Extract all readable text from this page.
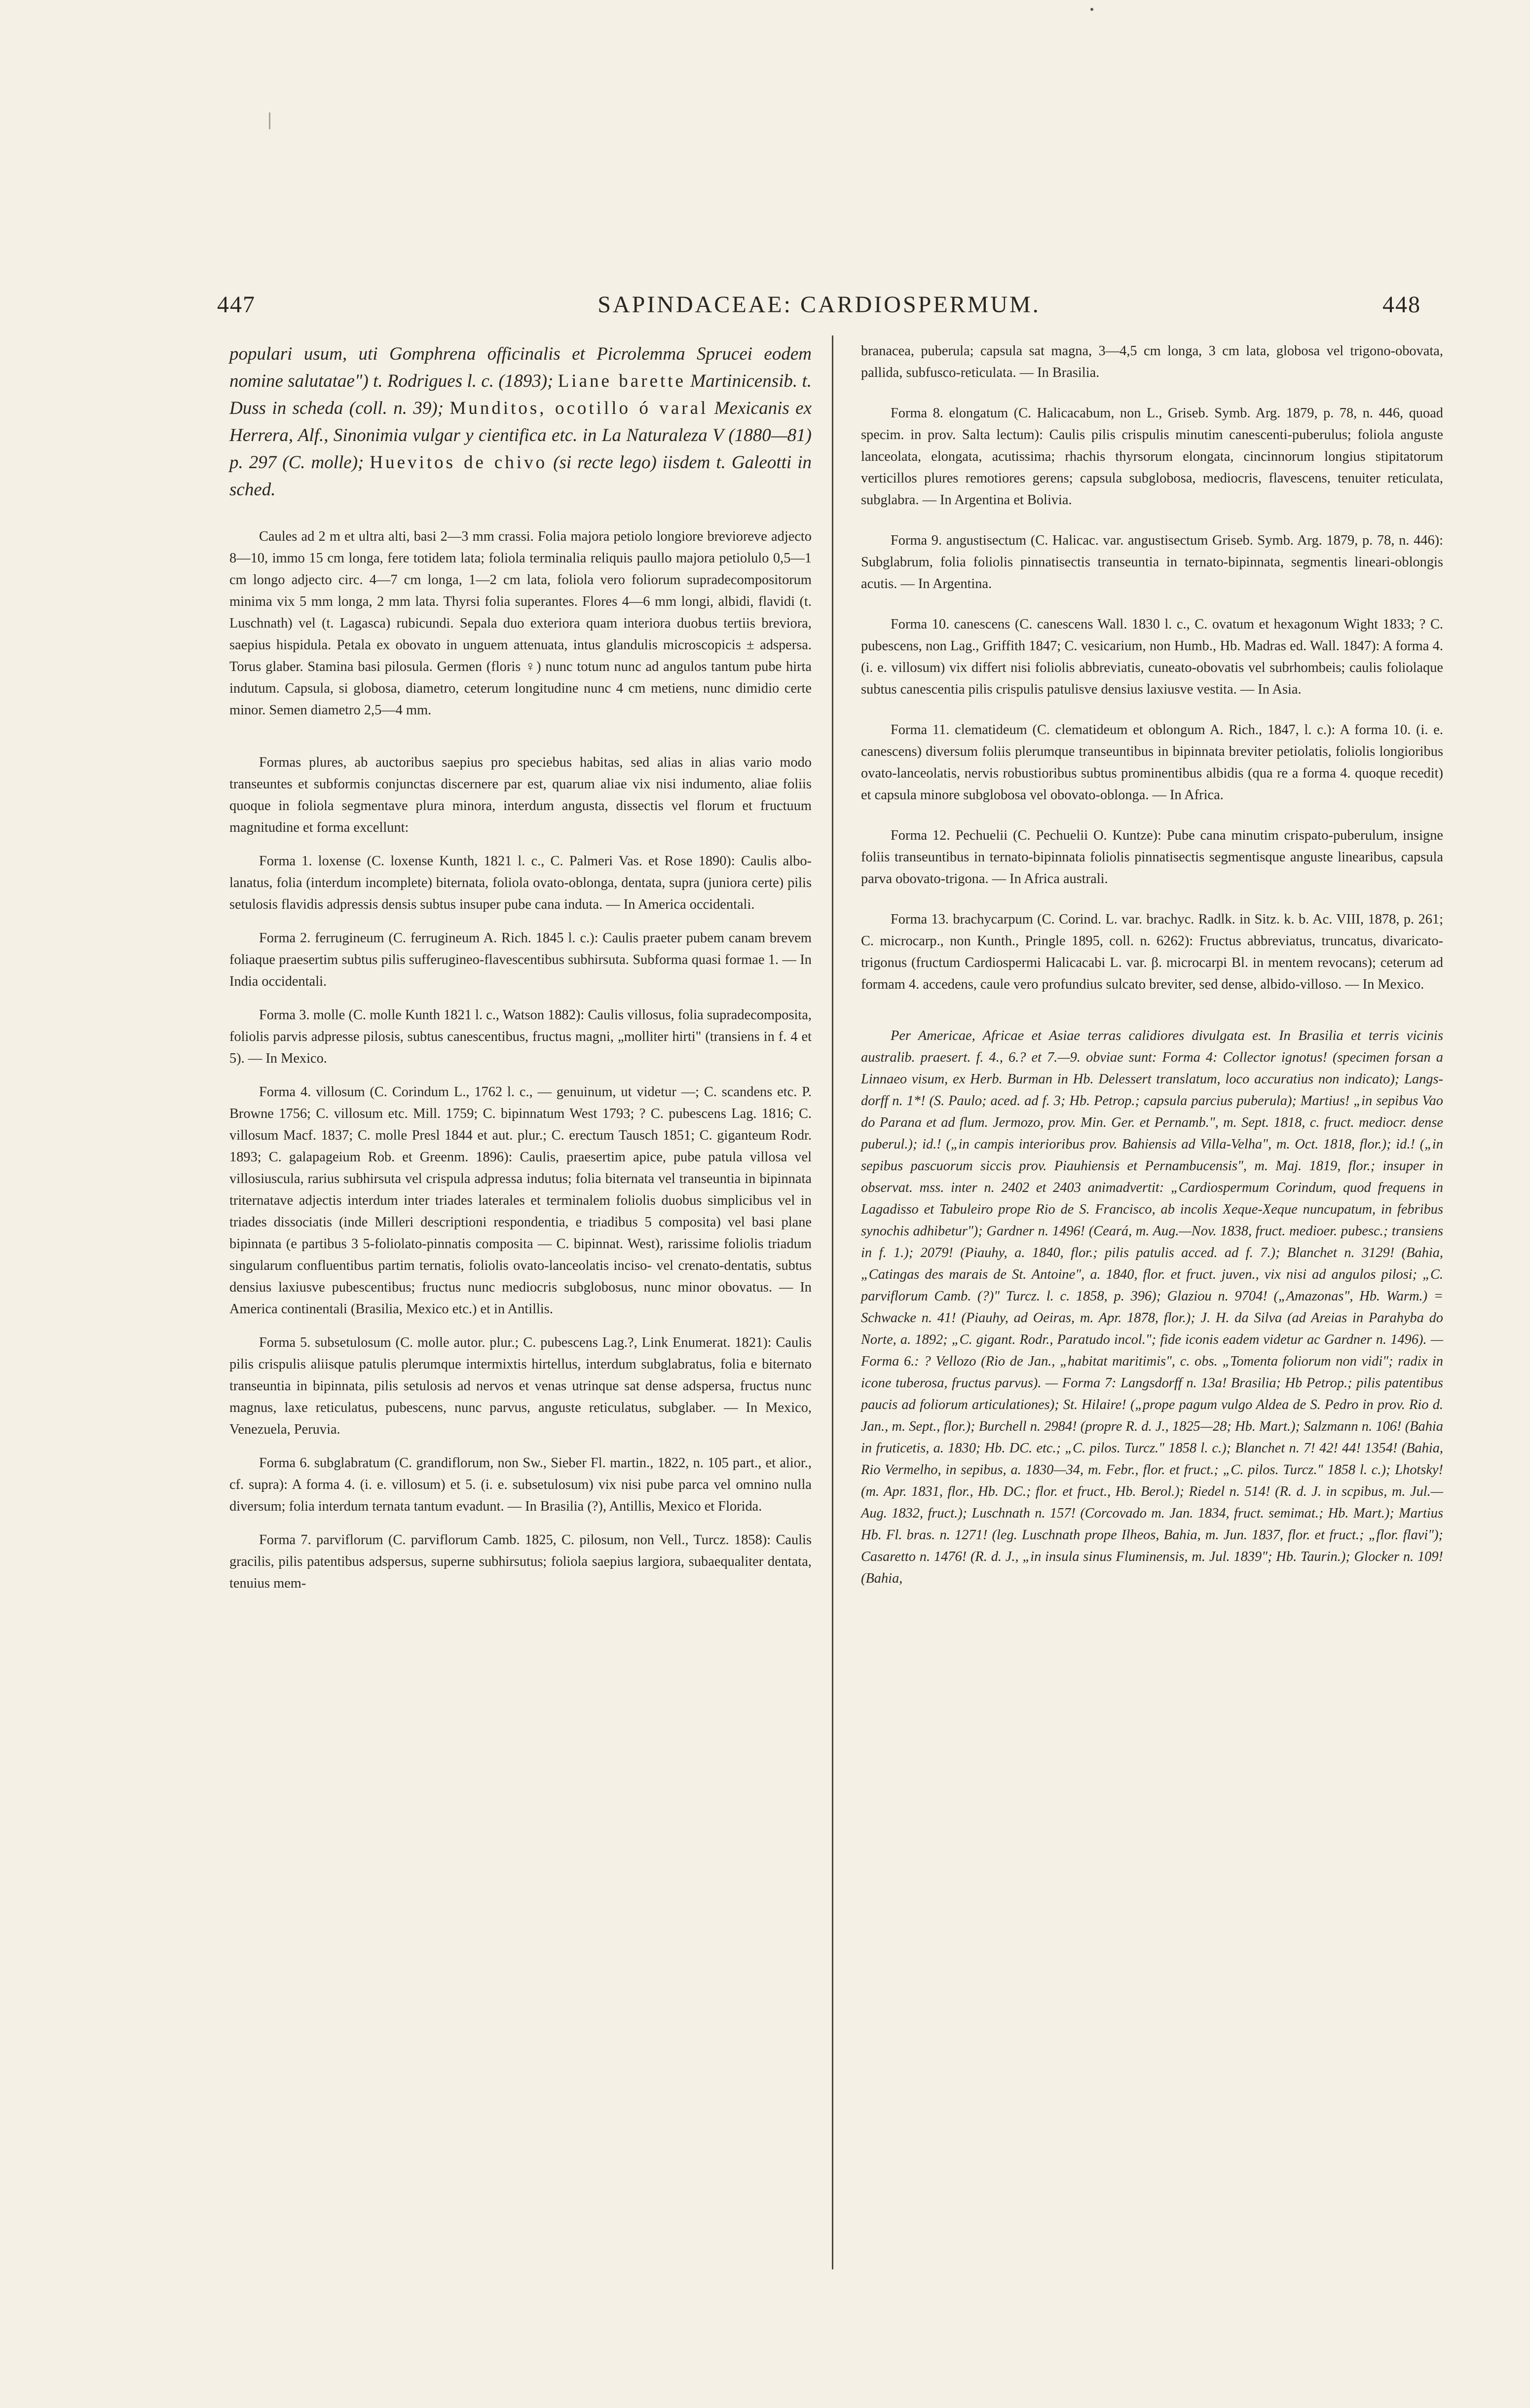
447	SAPINDACEAE: CARDIOSPERMUM.	448

populari usum, uti Gomphrena officinalis et Picrolemma Sprucei eodem nomine salutatae") t. Rodrigues l. c. (1893); Liane barette Martinicensib. t. Duss in scheda (coll. n. 39); Munditos, ocotillo ó varal Mexicanis ex Herrera, Alf., Sinonimia vulgar y cientifica etc. in La Naturaleza V (1880—81) p. 297 (C. molle); Huevitos de chivo (si recte lego) iisdem t. Galeotti in sched.

Caules ad 2 m et ultra alti, basi 2—3 mm crassi. Folia majora petiolo longiore brevioreve adjecto 8—10, immo 15 cm longa, fere totidem lata; foliola terminalia reliquis paullo majora petiolulo 0,5—1 cm longo adjecto circ. 4—7 cm longa, 1—2 cm lata, foliola vero foliorum supradecompositorum minima vix 5 mm longa, 2 mm lata. Thyrsi folia superantes. Flores 4—6 mm longi, albidi, flavidi (t. Luschnath) vel (t. Lagasca) rubicundi. Sepala duo exteriora quam interiora duobus tertiis breviora, saepius hispidula. Petala ex obovato in unguem attenuata, intus glandulis microscopicis ± adspersa. Torus glaber. Stamina basi pilosula. Germen (floris ♀) nunc totum nunc ad angulos tantum pube hirta indutum. Capsula, si globosa, diametro, ceterum longitudine nunc 4 cm metiens, nunc dimidio certe minor. Semen diametro 2,5—4 mm.

Formas plures, ab auctoribus saepius pro speciebus habitas, sed alias in alias vario modo transeuntes et subformis conjunctas discernere par est, quarum aliae vix nisi indumento, aliae foliis quoque in foliola segmentave plura minora, interdum angusta, dissectis vel florum et fructuum magnitudine et forma excellunt:

Forma 1. loxense (C. loxense Kunth, 1821 l. c., C. Palmeri Vas. et Rose 1890): Caulis albo-lanatus, folia (interdum incomplete) biternata, foliola ovato-oblonga, dentata, supra (juniora certe) pilis setulosis flavidis adpressis densis subtus insuper pube cana induta. — In America occidentali.

Forma 2. ferrugineum (C. ferrugineum A. Rich. 1845 l. c.): Caulis praeter pubem canam brevem foliaque praesertim subtus pilis sufferugineo-flavescentibus subhirsuta. Subforma quasi formae 1. — In India occidentali.

Forma 3. molle (C. molle Kunth 1821 l. c., Watson 1882): Caulis villosus, folia supradecomposita, foliolis parvis adpresse pilosis, subtus canescentibus, fructus magni, „molliter hirti" (transiens in f. 4 et 5). — In Mexico.

Forma 4. villosum (C. Corindum L., 1762 l. c., — genuinum, ut videtur —; C. scandens etc. P. Browne 1756; C. villosum etc. Mill. 1759; C. bipinnatum West 1793; ? C. pubescens Lag. 1816; C. villosum Macf. 1837; C. molle Presl 1844 et aut. plur.; C. erectum Tausch 1851; C. giganteum Rodr. 1893; C. galapageium Rob. et Greenm. 1896): Caulis, praesertim apice, pube patula villosa vel villosiuscula, rarius subhirsuta vel crispula adpressa indutus; folia biternata vel transeuntia in bipinnata triternatave adjectis interdum inter triades laterales et terminalem foliolis duobus simplicibus vel in triades dissociatis (inde Milleri descriptioni respondentia, e triadibus 5 composita) vel basi plane bipinnata (e partibus 3 5-foliolato-pinnatis composita — C. bipinnat. West), rarissime foliolis triadum singularum confluentibus partim ternatis, foliolis ovato-lanceolatis inciso- vel crenato-dentatis, subtus densius laxiusve pubescentibus; fructus nunc mediocris subglobosus, nunc minor obovatus. — In America continentali (Brasilia, Mexico etc.) et in Antillis.

Forma 5. subsetulosum (C. molle autor. plur.; C. pubescens Lag.?, Link Enumerat. 1821): Caulis pilis crispulis aliisque patulis plerumque intermixtis hirtellus, interdum subglabratus, folia e biternato transeuntia in bipinnata, pilis setulosis ad nervos et venas utrinque sat dense adspersa, fructus nunc magnus, laxe reticulatus, pubescens, nunc parvus, anguste reticulatus, subglaber. — In Mexico, Venezuela, Peruvia.

Forma 6. subglabratum (C. grandiflorum, non Sw., Sieber Fl. martin., 1822, n. 105 part., et alior., cf. supra): A forma 4. (i. e. villosum) et 5. (i. e. subsetulosum) vix nisi pube parca vel omnino nulla diversum; folia interdum ternata tantum evadunt. — In Brasilia (?), Antillis, Mexico et Florida.

Forma 7. parviflorum (C. parviflorum Camb. 1825, C. pilosum, non Vell., Turcz. 1858): Caulis gracilis, pilis patentibus adspersus, superne subhirsutus; foliola saepius largiora, subaequaliter dentata, tenuius mem-

branacea, puberula; capsula sat magna, 3—4,5 cm longa, 3 cm lata, globosa vel trigono-obovata, pallida, subfusco-reticulata. — In Brasilia.

Forma 8. elongatum (C. Halicacabum, non L., Griseb. Symb. Arg. 1879, p. 78, n. 446, quoad specim. in prov. Salta lectum): Caulis pilis crispulis minutim canescenti-puberulus; foliola anguste lanceolata, elongata, acutissima; rhachis thyrsorum elongata, cincinnorum longius stipitatorum verticillos plures remotiores gerens; capsula subglobosa, mediocris, flavescens, tenuiter reticulata, subglabra. — In Argentina et Bolivia.

Forma 9. angustisectum (C. Halicac. var. angustisectum Griseb. Symb. Arg. 1879, p. 78, n. 446): Subglabrum, folia foliolis pinnatisectis transeuntia in ternato-bipinnata, segmentis lineari-oblongis acutis. — In Argentina.

Forma 10. canescens (C. canescens Wall. 1830 l. c., C. ovatum et hexagonum Wight 1833; ? C. pubescens, non Lag., Griffith 1847; C. vesicarium, non Humb., Hb. Madras ed. Wall. 1847): A forma 4. (i. e. villosum) vix differt nisi foliolis abbreviatis, cuneato-obovatis vel subrhombeis; caulis foliolaque subtus canescentia pilis crispulis patulisve densius laxiusve vestita. — In Asia.

Forma 11. clematideum (C. clematideum et oblongum A. Rich., 1847, l. c.): A forma 10. (i. e. canescens) diversum foliis plerumque transeuntibus in bipinnata breviter petiolatis, foliolis longioribus ovato-lanceolatis, nervis robustioribus subtus prominentibus albidis (qua re a forma 4. quoque recedit) et capsula minore subglobosa vel obovato-oblonga. — In Africa.

Forma 12. Pechuelii (C. Pechuelii O. Kuntze): Pube cana minutim crispato-puberulum, insigne foliis transeuntibus in ternato-bipinnata foliolis pinnatisectis segmentisque anguste linearibus, capsula parva obovato-trigona. — In Africa australi.

Forma 13. brachycarpum (C. Corind. L. var. brachyc. Radlk. in Sitz. k. b. Ac. VIII, 1878, p. 261; C. microcarp., non Kunth., Pringle 1895, coll. n. 6262): Fructus abbreviatus, truncatus, divaricato-trigonus (fructum Cardiospermi Halicacabi L. var. β. microcarpi Bl. in mentem revocans); ceterum ad formam 4. accedens, caule vero profundius sulcato breviter, sed dense, albido-villoso. — In Mexico.

Per Americae, Africae et Asiae terras calidiores divulgata est. In Brasilia et terris vicinis australib. praesert. f. 4., 6.? et 7.—9. obviae sunt: Forma 4: Collector ignotus! (specimen forsan a Linnaeo visum, ex Herb. Burman in Hb. Delessert translatum, loco accuratius non indicato); Langsdorff n. 1*! (S. Paulo; aced. ad f. 3; Hb. Petrop.; capsula parcius puberula); Martius! „in sepibus Vao do Parana et ad flum. Jermozo, prov. Min. Ger. et Pernamb.", m. Sept. 1818, c. fruct. mediocr. dense puberul.); id.! („in campis interioribus prov. Bahiensis ad Villa-Velha", m. Oct. 1818, flor.); id.! („in sepibus pascuorum siccis prov. Piauhiensis et Pernambucensis", m. Maj. 1819, flor.; insuper in observat. mss. inter n. 2402 et 2403 animadvertit: „Cardiospermum Corindum, quod frequens in Lagadisso et Tabuleiro prope Rio de S. Francisco, ab incolis Xeque-Xeque nuncupatum, in febribus synochis adhibetur"); Gardner n. 1496! (Ceará, m. Aug.—Nov. 1838, fruct. medioer. pubesc.; transiens in f. 1.); 2079! (Piauhy, a. 1840, flor.; pilis patulis acced. ad f. 7.); Blanchet n. 3129! (Bahia, „Catingas des marais de St. Antoine", a. 1840, flor. et fruct. juven., vix nisi ad angulos pilosi; „C. parviflorum Camb. (?)" Turcz. l. c. 1858, p. 396); Glaziou n. 9704! („Amazonas", Hb. Warm.) = Schwacke n. 41! (Piauhy, ad Oeiras, m. Apr. 1878, flor.); J. H. da Silva (ad Areias in Parahyba do Norte, a. 1892; „C. gigant. Rodr., Paratudo incol."; fide iconis eadem videtur ac Gardner n. 1496). — Forma 6.: ? Vellozo (Rio de Jan., „habitat maritimis", c. obs. „Tomenta foliorum non vidi"; radix in icone tuberosa, fructus parvus). — Forma 7: Langsdorff n. 13a! Brasilia; Hb Petrop.; pilis patentibus paucis ad foliorum articulationes); St. Hilaire! („prope pagum vulgo Aldea de S. Pedro in prov. Rio d. Jan., m. Sept., flor.); Burchell n. 2984! (propre R. d. J., 1825—28; Hb. Mart.); Salzmann n. 106! (Bahia in fruticetis, a. 1830; Hb. DC. etc.; „C. pilos. Turcz." 1858 l. c.); Blanchet n. 7! 42! 44! 1354! (Bahia, Rio Vermelho, in sepibus, a. 1830—34, m. Febr., flor. et fruct.; „C. pilos. Turcz." 1858 l. c.); Lhotsky! (m. Apr. 1831, flor., Hb. DC.; flor. et fruct., Hb. Berol.); Riedel n. 514! (R. d. J. in scpibus, m. Jul.—Aug. 1832, fruct.); Luschnath n. 157! (Corcovado m. Jan. 1834, fruct. semimat.; Hb. Mart.); Martius Hb. Fl. bras. n. 1271! (leg. Luschnath prope Ilheos, Bahia, m. Jun. 1837, flor. et fruct.; „flor. flavi"); Casaretto n. 1476! (R. d. J., „in insula sinus Fluminensis, m. Jul. 1839"; Hb. Taurin.); Glocker n. 109! (Bahia,
